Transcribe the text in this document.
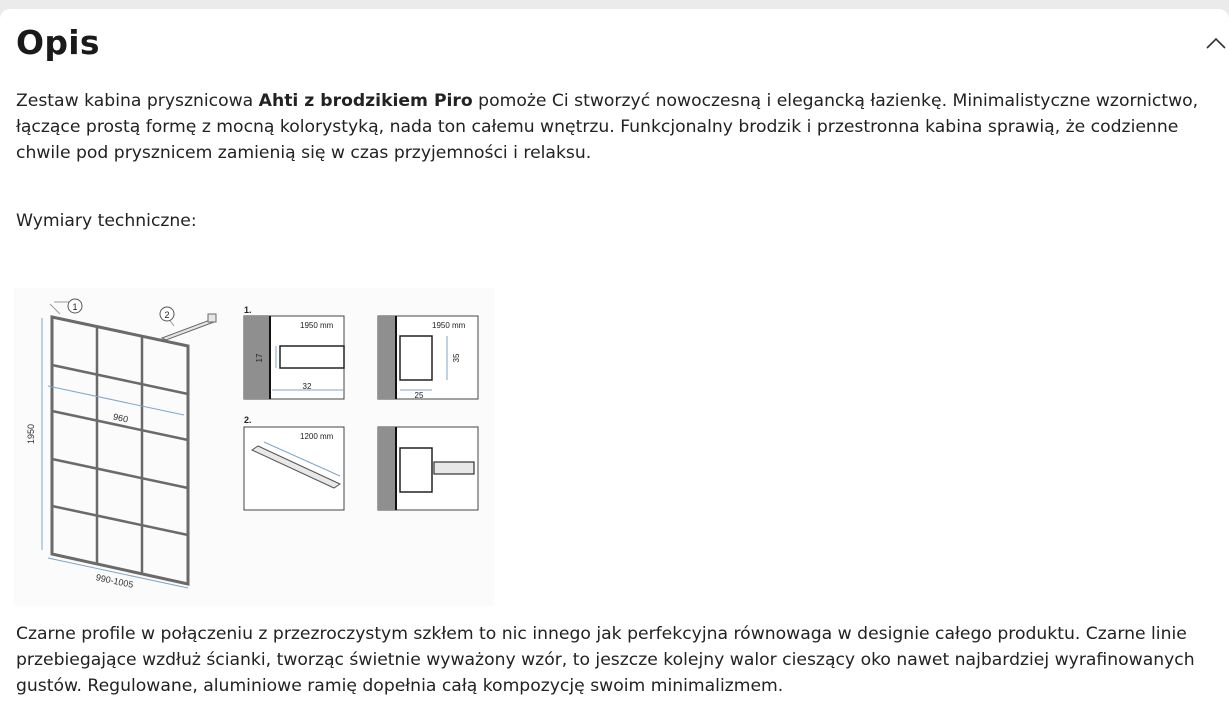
Opis

Zestaw kabina prysznicowa Ahti z brodzikiem Piro pomoże Ci stworzyć nowoczesną i elegancką łazienkę. Minimalistyczne wzornictwo, łączące prostą formę z mocną kolorystyką, nada ton całemu wnętrzu. Funkcjonalny brodzik i przestronna kabina sprawią, że codzienne chwile pod prysznicem zamienią się w czas przyjemności i relaksu.

Wymiary techniczne:

1
2
1950
960
990-1005
1.
1950 mm
17
32
1950 mm
35
25
2.
1200 mm

Czarne profile w połączeniu z przezroczystym szkłem to nic innego jak perfekcyjna równowaga w designie całego produktu. Czarne linie przebiegające wzdłuż ścianki, tworząc świetnie wyważony wzór, to jeszcze kolejny walor cieszący oko nawet najbardziej wyrafinowanych gustów. Regulowane, aluminiowe ramię dopełnia całą kompozycję swoim minimalizmem.
